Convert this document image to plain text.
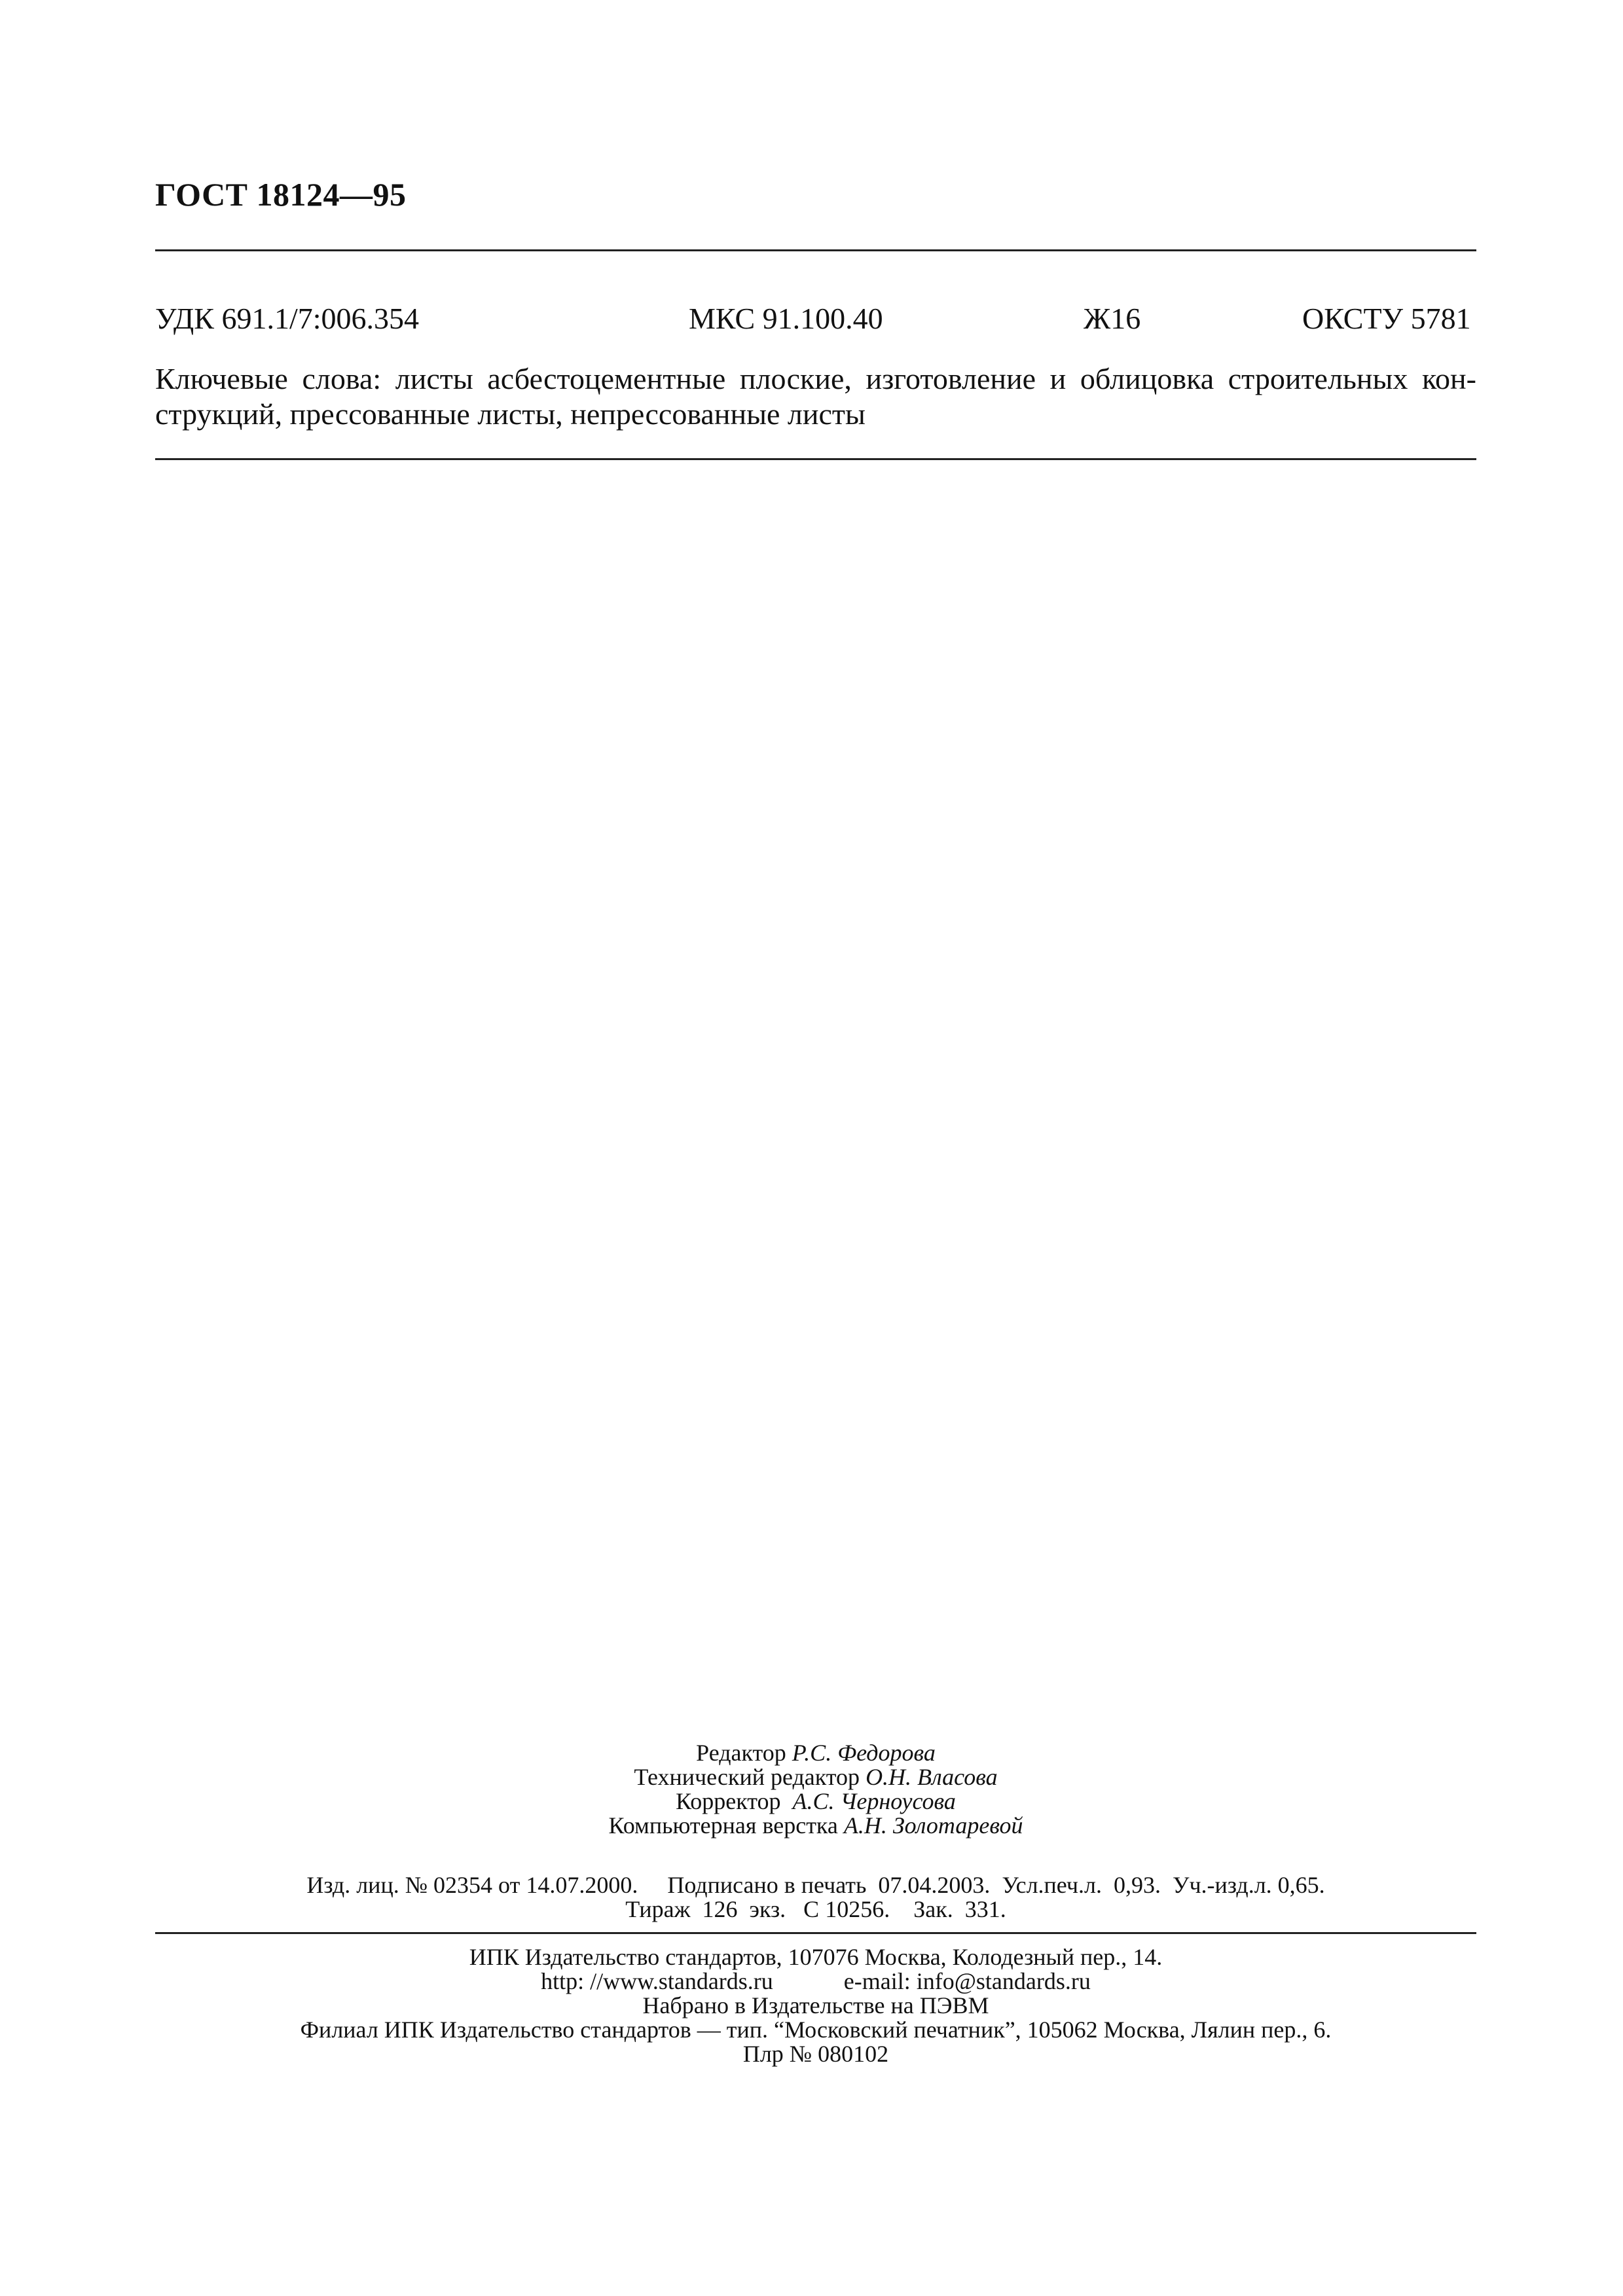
ГОСТ 18124—95
УДК 691.1/7:006.354	МКС 91.100.40	Ж16	ОКСТУ 5781
Ключевые слова: листы асбестоцементные плоские, изготовление и облицовка строительных кон-
струкций, прессованные листы, непрессованные листы
Редактор Р.С. Федорова
Технический редактор О.Н. Власова
Корректор А.С. Черноусова
Компьютерная верстка А.Н. Золотаревой
Изд. лиц. № 02354 от 14.07.2000.     Подписано в печать  07.04.2003.  Усл.печ.л.  0,93.  Уч.-изд.л. 0,65.
Тираж  126  экз.   С 10256.    Зак.  331.
ИПК Издательство стандартов, 107076 Москва, Колодезный пер., 14.
http: //www.standards.ru            e-mail: info@standards.ru
Набрано в Издательстве на ПЭВМ
Филиал ИПК Издательство стандартов — тип. “Московский печатник”, 105062 Москва, Лялин пер., 6.
Плр № 080102
